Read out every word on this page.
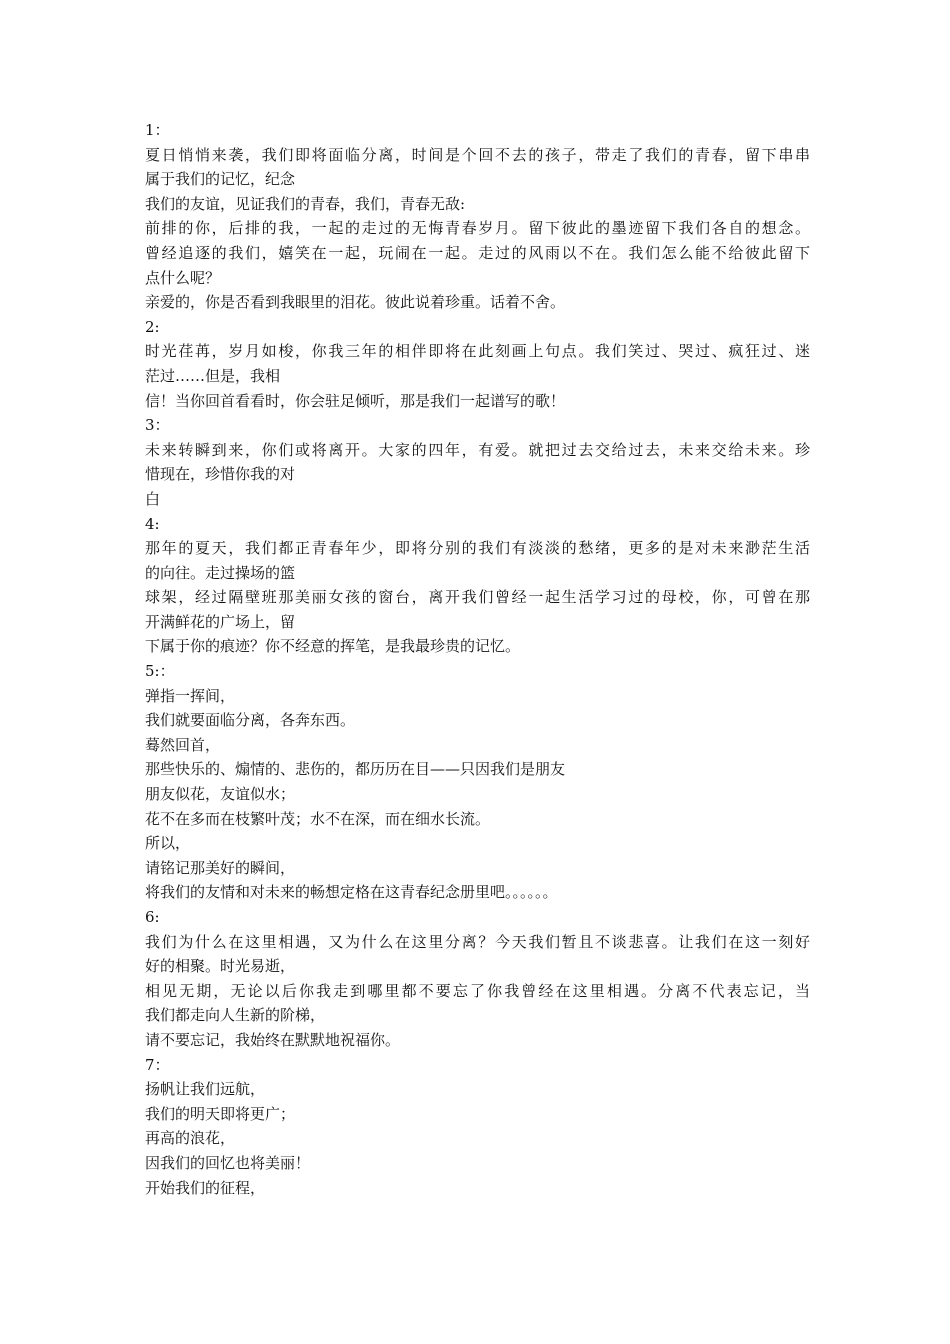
1：
夏日悄悄来袭，我们即将面临分离，时间是个回不去的孩子，带走了我们的青春，留下串串
属于我们的记忆，纪念
我们的友谊，见证我们的青春，我们，青春无敌:
前排的你，后排的我，一起的走过的无悔青春岁月。留下彼此的墨迹留下我们各自的想念。
曾经追逐的我们，嬉笑在一起，玩闹在一起。走过的风雨以不在。我们怎么能不给彼此留下
点什么呢？
亲爱的，你是否看到我眼里的泪花。彼此说着珍重。话着不舍。
2:
时光荏苒，岁月如梭，你我三年的相伴即将在此刻画上句点。我们笑过、哭过、疯狂过、迷
茫过……但是，我相
信！当你回首看看时，你会驻足倾听，那是我们一起谱写的歌！
3：
未来转瞬到来，你们或将离开。大家的四年，有爱。就把过去交给过去，未来交给未来。珍
惜现在，珍惜你我的对
白
4:
那年的夏天，我们都正青春年少，即将分别的我们有淡淡的愁绪，更多的是对未来渺茫生活
的向往。走过操场的篮
球架，经过隔壁班那美丽女孩的窗台，离开我们曾经一起生活学习过的母校，你，可曾在那
开满鲜花的广场上，留
下属于你的痕迹？你不经意的挥笔，是我最珍贵的记忆。
5:：
弹指一挥间，
我们就要面临分离，各奔东西。
蓦然回首，
那些快乐的、煽情的、悲伤的，都历历在目——只因我们是朋友
朋友似花，友谊似水；
花不在多而在枝繁叶茂；水不在深，而在细水长流。
所以，
请铭记那美好的瞬间，
将我们的友情和对未来的畅想定格在这青春纪念册里吧。。。。。。
6:
我们为什么在这里相遇，又为什么在这里分离？今天我们暂且不谈悲喜。让我们在这一刻好
好的相聚。时光易逝，
相见无期，无论以后你我走到哪里都不要忘了你我曾经在这里相遇。分离不代表忘记，当
我们都走向人生新的阶梯，
请不要忘记，我始终在默默地祝福你。
7：
扬帆让我们远航，
我们的明天即将更广；
再高的浪花，
因我们的回忆也将美丽！
开始我们的征程，
